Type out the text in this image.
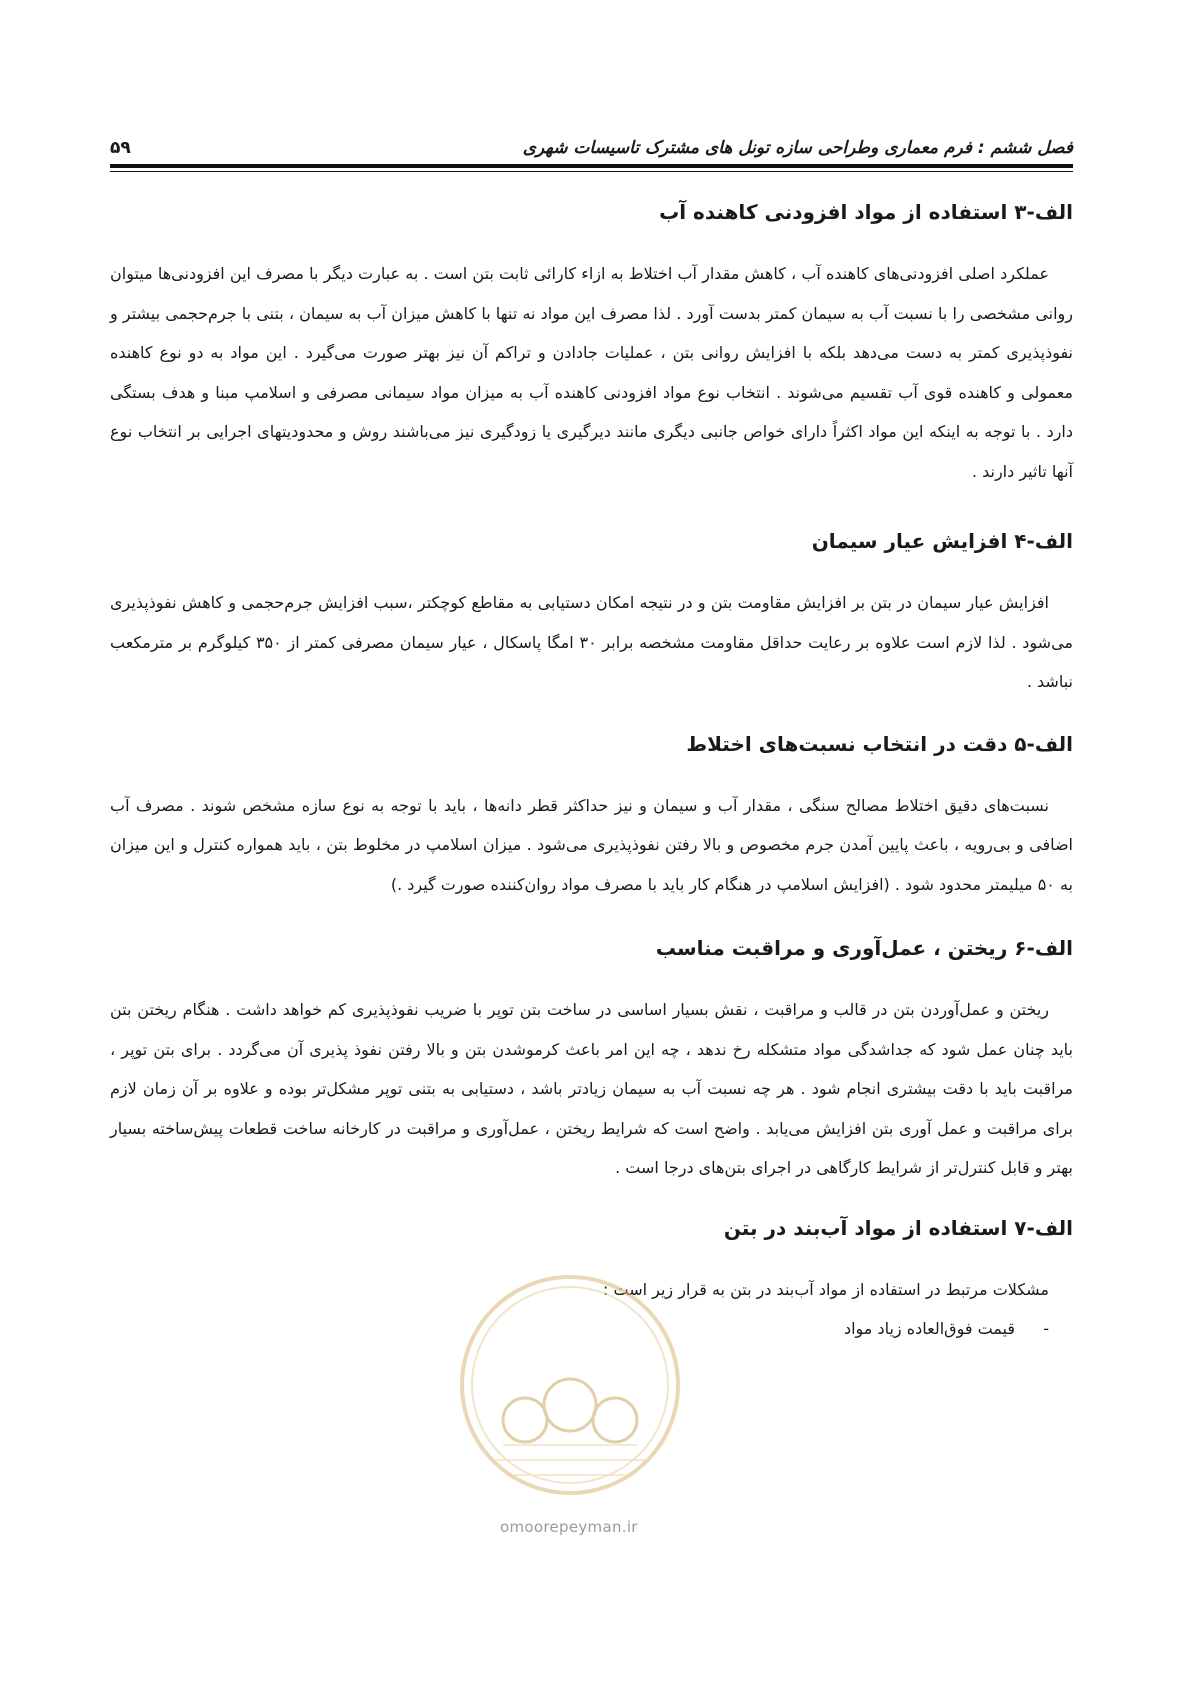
فصل ششم : فرم معماری وطراحی سازه تونل های مشترک تاسیسات شهری
۵۹
الف-۳ استفاده از مواد افزودنی کاهنده آب

عملکرد اصلی افزودنی‌های کاهنده آب ، کاهش مقدار آب اختلاط به ازاء کارائی ثابت بتن است . به عبارت دیگر با مصرف این افزودنی‌ها میتوان روانی مشخصی را با نسبت آب به سیمان کمتر بدست آورد . لذا مصرف این مواد نه تنها با کاهش میزان آب به سیمان ، بتنی با جرم‌حجمی بیشتر و نفوذپذیری کمتر به دست می‌دهد بلکه با افزایش روانی بتن ، عملیات جادادن و تراکم آن نیز بهتر صورت می‌گیرد . این مواد به دو نوع کاهنده معمولی و کاهنده قوی آب تقسیم می‌شوند . انتخاب نوع مواد افزودنی کاهنده آب به میزان مواد سیمانی مصرفی و اسلامپ مبنا و هدف بستگی دارد . با توجه به اینکه این مواد اکثراً دارای خواص جانبی دیگری مانند دیرگیری یا زودگیری نیز می‌باشند روش و محدودیتهای اجرایی بر انتخاب نوع آنها تاثیر دارند .

الف-۴ افزایش عیار سیمان

افزایش عیار سیمان در بتن بر افزایش مقاومت بتن و در نتیجه امکان دستیابی به مقاطع کوچکتر ،سبب افزایش جرم‌حجمی و کاهش نفوذپذیری می‌شود . لذا لازم است علاوه بر رعایت حداقل مقاومت مشخصه برابر ۳۰ امگا پاسکال ، عیار سیمان مصرفی کمتر از ۳۵۰ کیلوگرم بر مترمکعب نباشد .

الف-۵ دقت در انتخاب نسبت‌های اختلاط

نسبت‌های دقیق اختلاط مصالح سنگی ، مقدار آب و سیمان و نیز حداکثر قطر دانه‌ها ، باید با توجه به نوع سازه مشخص شوند . مصرف آب اضافی و بی‌رویه ، باعث پایین آمدن جرم مخصوص و بالا رفتن نفوذپذیری می‌شود . میزان اسلامپ در مخلوط بتن ، باید همواره کنترل و این میزان به ۵۰ میلیمتر محدود شود . (افزایش اسلامپ در هنگام کار باید با مصرف مواد روان‌کننده صورت گیرد .)

الف-۶ ریختن ، عمل‌آوری و مراقبت مناسب

ریختن و عمل‌آوردن بتن در قالب و مراقبت ، نقش بسیار اساسی در ساخت بتن توپر با ضریب نفوذپذیری کم خواهد داشت . هنگام ریختن بتن باید چنان عمل شود که جداشدگی مواد متشکله رخ ندهد ، چه این امر باعث کرموشدن بتن و بالا رفتن نفوذ پذیری آن می‌گردد . برای بتن توپر ، مراقبت باید با دقت بیشتری انجام شود . هر چه نسبت آب به سیمان زیادتر باشد ، دستیابی به بتنی توپر مشکل‌تر بوده و علاوه بر آن زمان لازم برای مراقبت و عمل آوری بتن افزایش می‌یابد . واضح است که شرایط ریختن ، عمل‌آوری و مراقبت در کارخانه ساخت قطعات پیش‌ساخته بسیار بهتر و قابل کنترل‌تر از شرایط کارگاهی در اجرای بتن‌های درجا است .

الف-۷ استفاده از مواد آب‌بند در بتن

مشکلات مرتبط در استفاده از مواد آب‌بند در بتن به قرار زیر است :

-
قیمت فوق‌العاده زیاد مواد
omoorepeyman.ir
